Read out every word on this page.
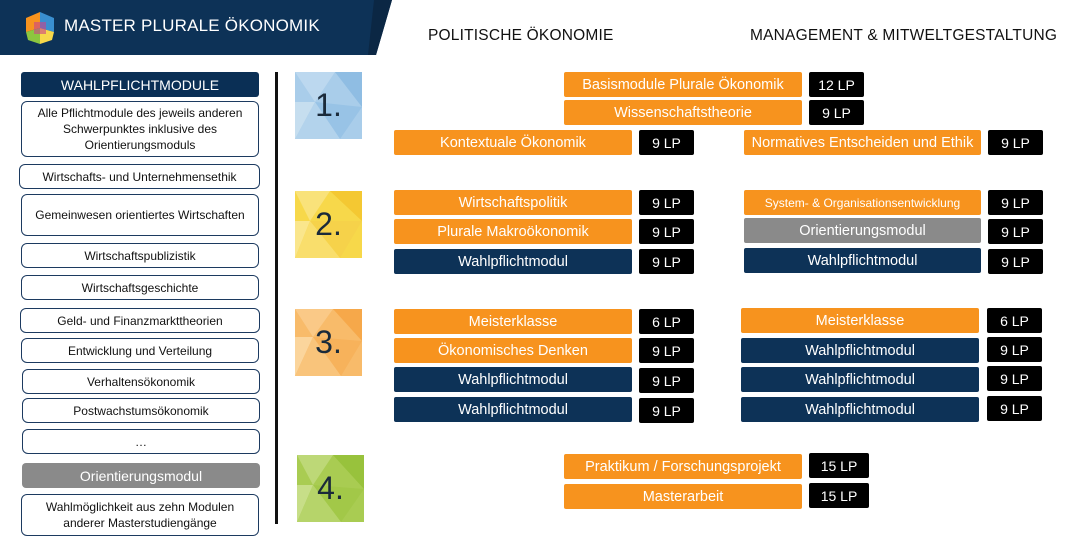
MASTER PLURALE ÖKONOMIK
POLITISCHE ÖKONOMIE	MANAGEMENT & MITWELTGESTALTUNG
WAHLPFLICHTMODULE
Alle Pflichtmodule des jeweils anderen Schwerpunktes inklusive des Orientierungsmoduls
Wirtschafts- und Unternehmensethik
Gemeinwesen orientiertes Wirtschaften
Wirtschaftspublizistik
Wirtschaftsgeschichte
Geld- und Finanzmarkttheorien
Entwicklung und Verteilung
Verhaltensökonomik
Postwachstumsökonomik
…
Orientierungsmodul
Wahlmöglichkeit aus zehn Modulen anderer Masterstudiengänge
1.
2.
3.
4.
Basismodule Plurale Ökonomik	12 LP
Wissenschaftstheorie	9 LP
Kontextuale Ökonomik	9 LP	Normatives Entscheiden und Ethik	9 LP
Wirtschaftspolitik	9 LP
Plurale Makroökonomik	9 LP
Wahlpflichtmodul	9 LP
System- & Organisationsentwicklung	9 LP
Orientierungsmodul	9 LP
Wahlpflichtmodul	9 LP
Meisterklasse	6 LP
Ökonomisches Denken	9 LP
Wahlpflichtmodul	9 LP
Wahlpflichtmodul	9 LP
Meisterklasse	6 LP
Wahlpflichtmodul	9 LP
Wahlpflichtmodul	9 LP
Wahlpflichtmodul	9 LP
Praktikum / Forschungsprojekt	15 LP
Masterarbeit	15 LP
